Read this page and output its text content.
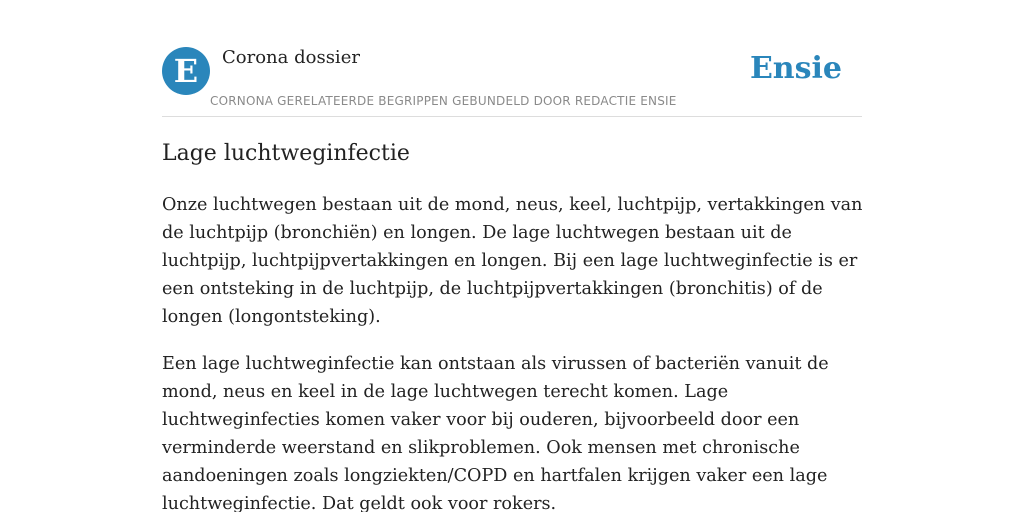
E	Corona dossier
CORNONA GERELATEERDE BEGRIPPEN GEBUNDELD DOOR REDACTIE ENSIE
Ensie
Lage luchtweginfectie

Onze luchtwegen bestaan uit de mond, neus, keel, luchtpijp, vertakkingen van de luchtpijp (bronchiën) en longen. De lage luchtwegen bestaan uit de luchtpijp, luchtpijpvertakkingen en longen. Bij een lage luchtweginfectie is er een ontsteking in de luchtpijp, de luchtpijpvertakkingen (bronchitis) of de longen (longontsteking).

Een lage luchtweginfectie kan ontstaan als virussen of bacteriën vanuit de mond, neus en keel in de lage luchtwegen terecht komen. Lage luchtweginfecties komen vaker voor bij ouderen, bijvoorbeeld door een verminderde weerstand en slikproblemen. Ook mensen met chronische aandoeningen zoals longziekten/COPD en hartfalen krijgen vaker een lage luchtweginfectie. Dat geldt ook voor rokers.
